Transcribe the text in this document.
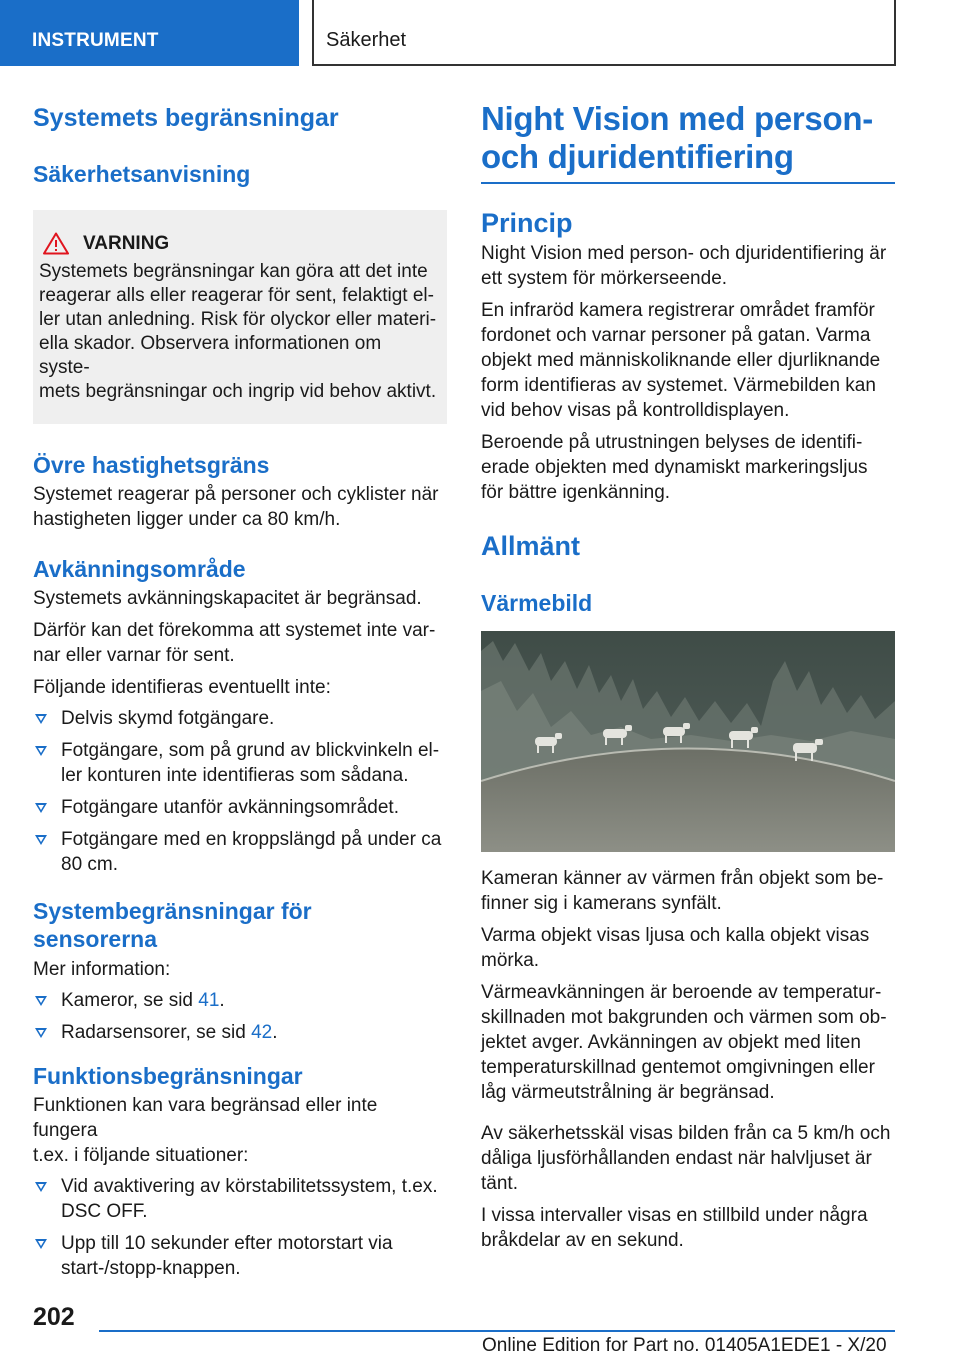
INSTRUMENT	Säkerhet
Systemets begränsningar
Säkerhetsanvisning
VARNING

Systemets begränsningar kan göra att det inte
reagerar alls eller reagerar för sent, felaktigt el-
ler utan anledning. Risk för olyckor eller materi-
ella skador. Observera informationen om syste-
mets begränsningar och ingrip vid behov aktivt.

Övre hastighetsgräns

Systemet reagerar på personer och cyklister när
hastigheten ligger under ca 80 km/h.

Avkänningsområde

Systemets avkänningskapacitet är begränsad.

Därför kan det förekomma att systemet inte var-
nar eller varnar för sent.

Följande identifieras eventuellt inte:

Delvis skymd fotgängare.
Fotgängare, som på grund av blickvinkeln el-
ler konturen inte identifieras som sådana.
Fotgängare utanför avkänningsområdet.
Fotgängare med en kroppslängd på under ca
80 cm.
Systembegränsningar för
sensorerna

Mer information:

Kameror, se sid 41.
Radarsensorer, se sid 42.
Funktionsbegränsningar

Funktionen kan vara begränsad eller inte fungera
t.ex. i följande situationer:

Vid avaktivering av körstabilitetssystem, t.ex.
DSC OFF.
Upp till 10 sekunder efter motorstart via
start-/stopp-knappen.
Night Vision med person-
och djuridentifiering
Princip

Night Vision med person- och djuridentifiering är
ett system för mörkerseende.

En infraröd kamera registrerar området framför
fordonet och varnar personer på gatan. Varma
objekt med människoliknande eller djurliknande
form identifieras av systemet. Värmebilden kan
vid behov visas på kontrolldisplayen.

Beroende på utrustningen belyses de identifi-
erade objekten med dynamiskt markeringsljus
för bättre igenkänning.

Allmänt
Värmebild

Kameran känner av värmen från objekt som be-
finner sig i kamerans synfält.

Varma objekt visas ljusa och kalla objekt visas
mörka.

Värmeavkänningen är beroende av temperatur-
skillnaden mot bakgrunden och värmen som ob-
jektet avger. Avkänningen av objekt med liten
temperaturskillnad gentemot omgivningen eller
låg värmeutstrålning är begränsad.

Av säkerhetsskäl visas bilden från ca 5 km/h och
dåliga ljusförhållanden endast när halvljuset är
tänt.

I vissa intervaller visas en stillbild under några
bråkdelar av en sekund.

202
Online Edition for Part no. 01405A1EDE1 - X/20
